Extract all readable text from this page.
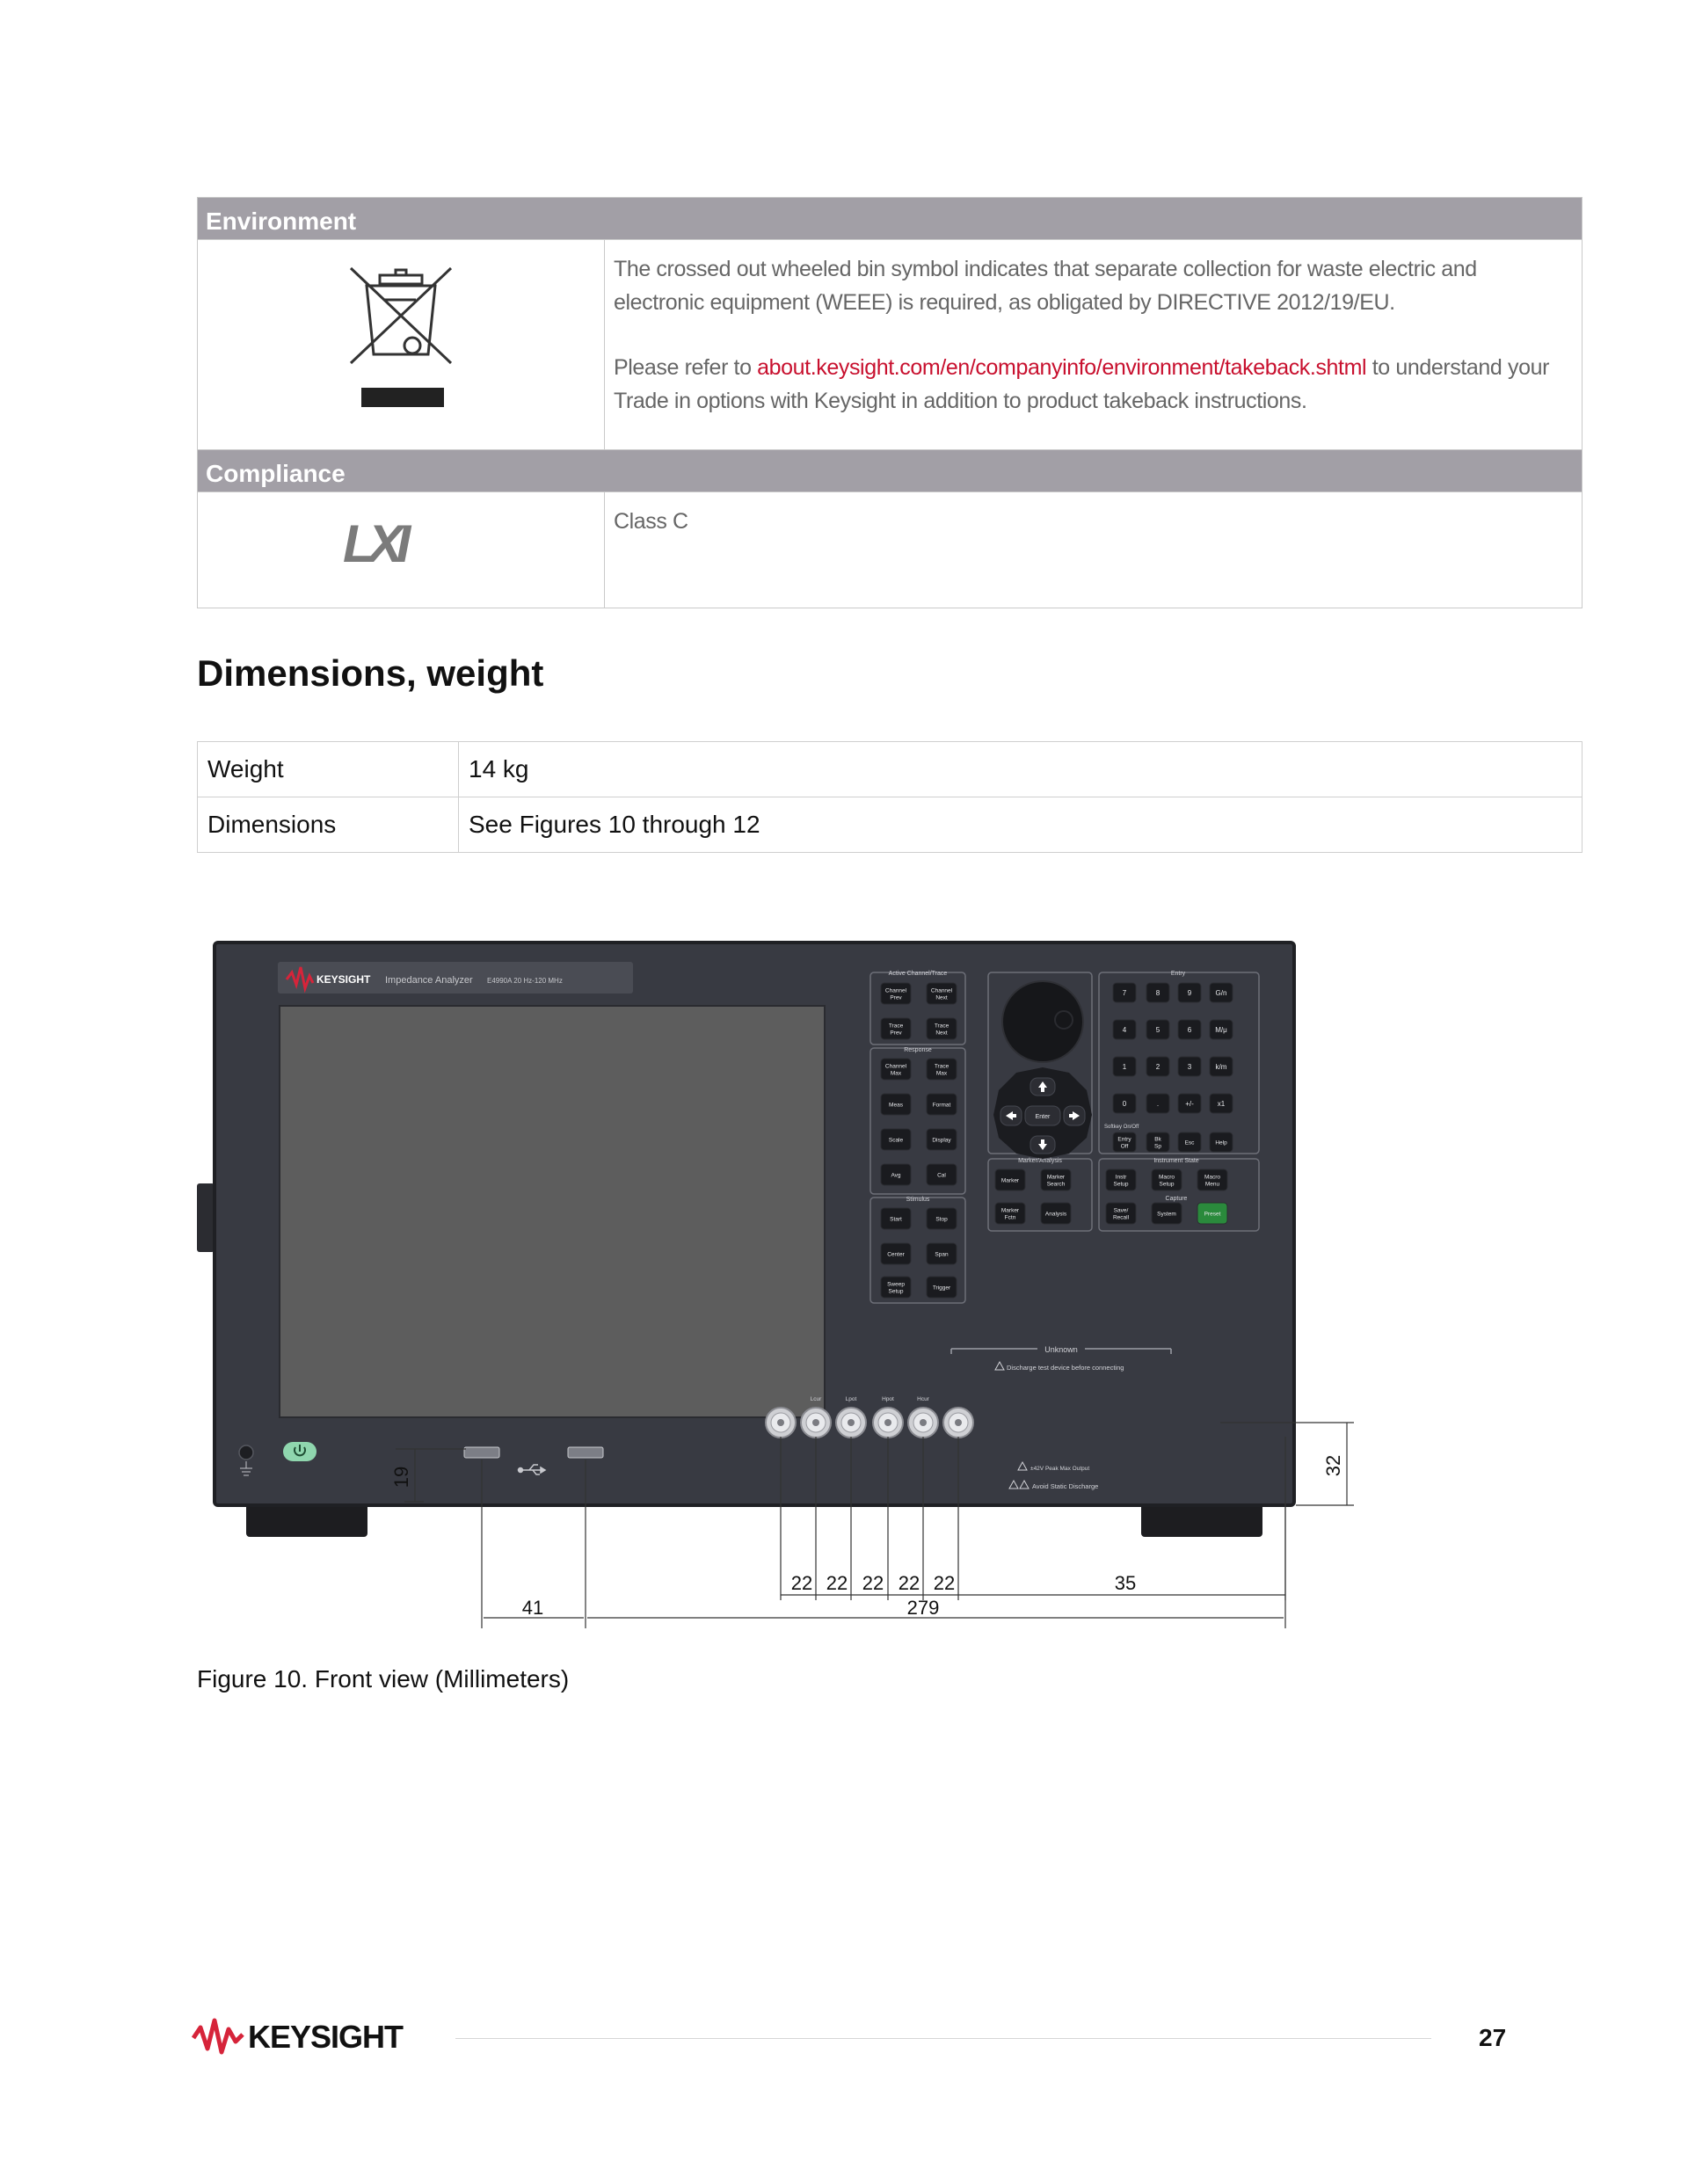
Environment	

The crossed out wheeled bin symbol indicates that separate collection for waste electric and electronic equipment (WEEE) is required, as obligated by DIRECTIVE 2012/19/EU.

Please refer to about.keysight.com/en/companyinfo/environment/takeback.shtml to understand your Trade in options with Keysight in addition to product takeback instructions.

Compliance	

LXI	Class C
Dimensions, weight
Weight	14 kg
Dimensions	See Figures 10 through 12
KEYSIGHT Impedance Analyzer E4990A 20 Hz-120 MHz
Active Channel/Trace
Response
Stimulus
Marker/Analysis
Entry
Instrument State
Capture
Softkey On/Off
Enter
Channel
Prev
Channel
Next
Trace
Prev
Trace
Next
Channel
Max
Trace
Max
Meas	Format
Scale	Display
Avg	Cal
Start	Stop
Center	Span
Sweep
Setup
Trigger
Marker
Marker
Search
Marker
Fctn
Analysis
Instr
Setup
Macro
Setup
Macro
Menu
Save/
Recall
System	Preset
7	8	9	G/n
4	5	6	M/μ
1	2	3	k/m
0	.	+/-	x1
Entry
Off
Bk
Sp
Esc	Help
Unknown
Discharge test device before connecting
Lcur	Lpot	Hpot	Hcur
±42V Peak Max Output
Avoid Static Discharge
22 22 22 22 22	35
19
32
41	279
Figure 10. Front view (Millimeters)
KEYSIGHT	27
